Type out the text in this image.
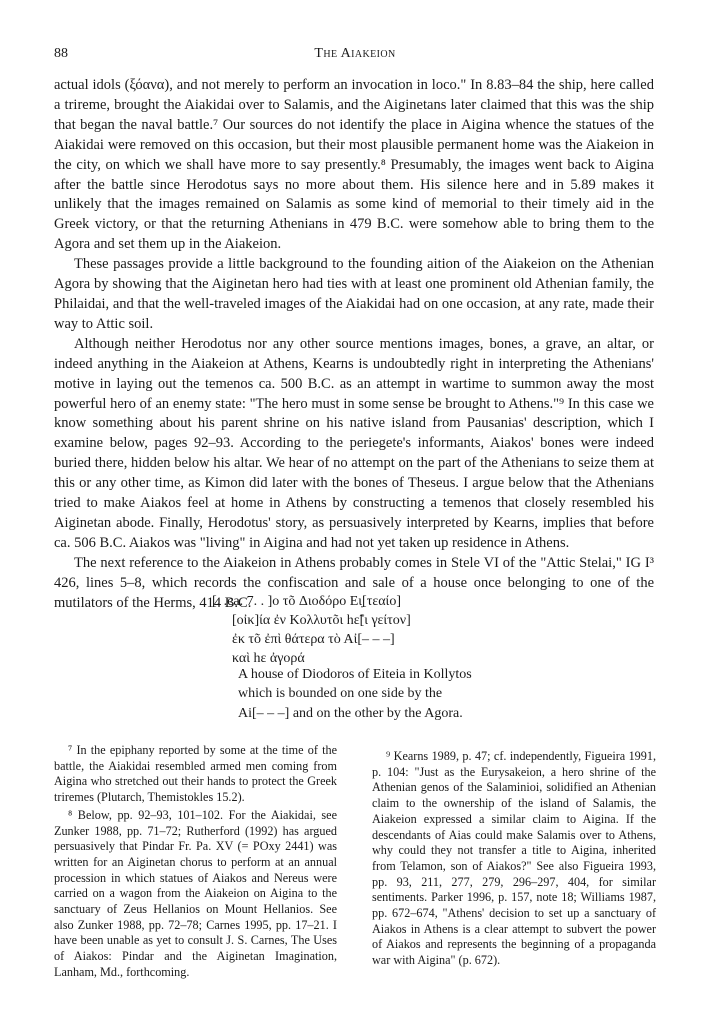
88	The Aiakeion

actual idols (ξόανα), and not merely to perform an invocation in loco." In 8.83–84 the ship, here called a trireme, brought the Aiakidai over to Salamis, and the Aiginetans later claimed that this was the ship that began the naval battle.⁷ Our sources do not identify the place in Aigina whence the statues of the Aiakidai were removed on this occasion, but their most plausible permanent home was the Aiakeion in the city, on which we shall have more to say presently.⁸ Presumably, the images went back to Aigina after the battle since Herodotus says no more about them. His silence here and in 5.89 makes it unlikely that the images remained on Salamis as some kind of memorial to their timely aid in the Greek victory, or that the returning Athenians in 479 B.C. were somehow able to bring them to the Agora and set them up in the Aiakeion.

These passages provide a little background to the founding aition of the Aiakeion on the Athenian Agora by showing that the Aiginetan hero had ties with at least one prominent old Athenian family, the Philaidai, and that the well-traveled images of the Aiakidai had on one occasion, at any rate, made their way to Attic soil.

Although neither Herodotus nor any other source mentions images, bones, a grave, an altar, or indeed anything in the Aiakeion at Athens, Kearns is undoubtedly right in interpreting the Athenians' motive in laying out the temenos ca. 500 B.C. as an attempt in wartime to summon away the most powerful hero of an enemy state: "The hero must in some sense be brought to Athens."⁹ In this case we know something about his parent shrine on his native island from Pausanias' description, which I examine below, pages 92–93. According to the periegete's informants, Aiakos' bones were indeed buried there, hidden below his altar. We hear of no attempt on the part of the Athenians to seize them at this or any other time, as Kimon did later with the bones of Theseus. I argue below that the Athenians tried to make Aiakos feel at home in Athens by constructing a temenos that closely resembled his Aiginetan abode. Finally, Herodotus' story, as persuasively interpreted by Kearns, implies that before ca. 506 B.C. Aiakos was "living" in Aigina and had not yet taken up residence in Athens.

The next reference to the Aiakeion in Athens probably comes in Stele VI of the "Attic Stelai," IG I³ 426, lines 5–8, which records the confiscation and sale of a house once belonging to one of the mutilators of the Herms, 414 B.C.

[. .ca. 7. . ]ο τõ Διοδόρο Ει̣[τεαίο]
[οἰκ]ία ἐν Κολλυτõι hε̃[ι γείτον]
ἐκ τõ ἐπὶ θάτερα τὸ Αἰ[– – –]
καὶ hε ἀγορά
A house of Diodoros of Eiteia in Kollytos
which is bounded on one side by the
Ai[– – –] and on the other by the Agora.

⁷ In the epiphany reported by some at the time of the battle, the Aiakidai resembled armed men coming from Aigina who stretched out their hands to protect the Greek triremes (Plutarch, Themistokles 15.2).

⁸ Below, pp. 92–93, 101–102. For the Aiakidai, see Zunker 1988, pp. 71–72; Rutherford (1992) has argued persuasively that Pindar Fr. Pa. XV (= POxy 2441) was written for an Aiginetan chorus to perform at an annual procession in which statues of Aiakos and Nereus were carried on a wagon from the Aiakeion on Aigina to the sanctuary of Zeus Hellanios on Mount Hellanios. See also Zunker 1988, pp. 72–78; Carnes 1995, pp. 17–21. I have been unable as yet to consult J. S. Carnes, The Uses of Aiakos: Pindar and the Aiginetan Imagination, Lanham, Md., forthcoming.

⁹ Kearns 1989, p. 47; cf. independently, Figueira 1991, p. 104: "Just as the Eurysakeion, a hero shrine of the Athenian genos of the Salaminioi, solidified an Athenian claim to the ownership of the island of Salamis, the Aiakeion expressed a similar claim to Aigina. If the descendants of Aias could make Salamis over to Athens, why could they not transfer a title to Aigina, inherited from Telamon, son of Aiakos?" See also Figueira 1993, pp. 93, 211, 277, 279, 296–297, 404, for similar sentiments. Parker 1996, p. 157, note 18; Williams 1987, pp. 672–674, "Athens' decision to set up a sanctuary of Aiakos in Athens is a clear attempt to subvert the power of Aiakos and represents the beginning of a propaganda war with Aigina" (p. 672).
